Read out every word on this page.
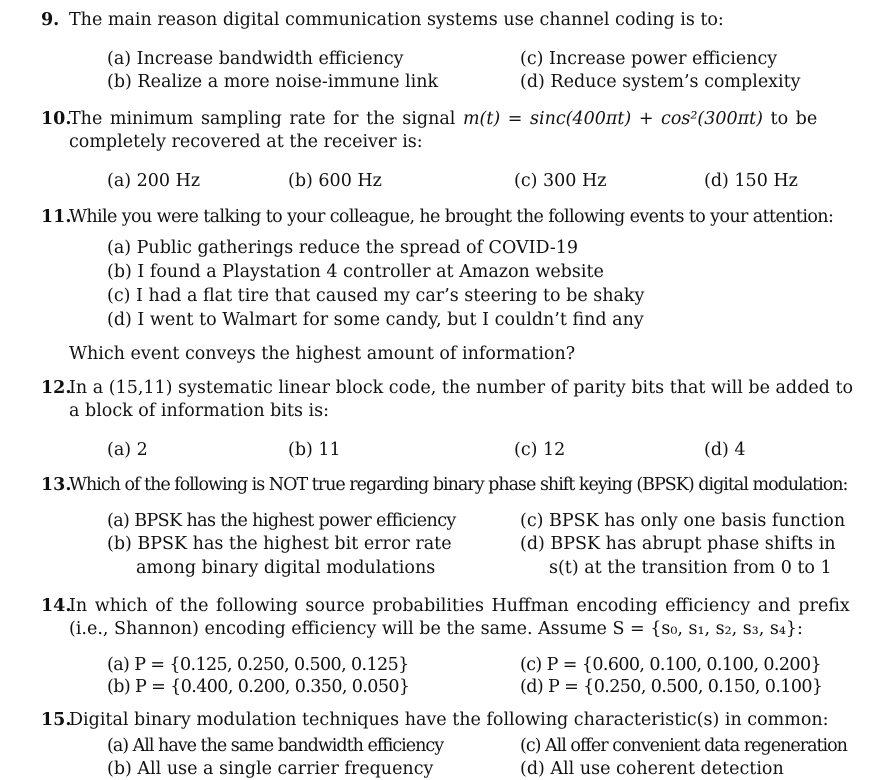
9. The main reason digital communication systems use channel coding is to:
(a) Increase bandwidth efficiency
(b) Realize a more noise-immune link
(c) Increase power efficiency
(d) Reduce system’s complexity
10.
The minimum sampling rate for the signal m(t) = sinc(400πt) + cos²(300πt) to be
completely recovered at the receiver is:
(a) 200 Hz	(b) 600 Hz	(c) 300 Hz	(d) 150 Hz
11.
While you were talking to your colleague, he brought the following events to your attention:
(a) Public gatherings reduce the spread of COVID-19
(b) I found a Playstation 4 controller at Amazon website
(c) I had a flat tire that caused my car’s steering to be shaky
(d) I went to Walmart for some candy, but I couldn’t find any
Which event conveys the highest amount of information?
12.
In a (15,11) systematic linear block code, the number of parity bits that will be added to
a block of information bits is:
(a) 2	(b) 11	(c) 12	(d) 4
13.
Which of the following is NOT true regarding binary phase shift keying (BPSK) digital modulation:
(a) BPSK has the highest power efficiency
(b) BPSK has the highest bit error rate
among binary digital modulations
(c) BPSK has only one basis function
(d) BPSK has abrupt phase shifts in
s(t) at the transition from 0 to 1
14.
In which of the following source probabilities Huffman encoding efficiency and prefix
(i.e., Shannon) encoding efficiency will be the same. Assume S = {s₀, s₁, s₂, s₃, s₄}:
(a) P = {0.125, 0.250, 0.500, 0.125}
(b) P = {0.400, 0.200, 0.350, 0.050}
(c) P = {0.600, 0.100, 0.100, 0.200}
(d) P = {0.250, 0.500, 0.150, 0.100}
15.
Digital binary modulation techniques have the following characteristic(s) in common:
(a) All have the same bandwidth efficiency
(b) All use a single carrier frequency
(c) All offer convenient data regeneration
(d) All use coherent detection
